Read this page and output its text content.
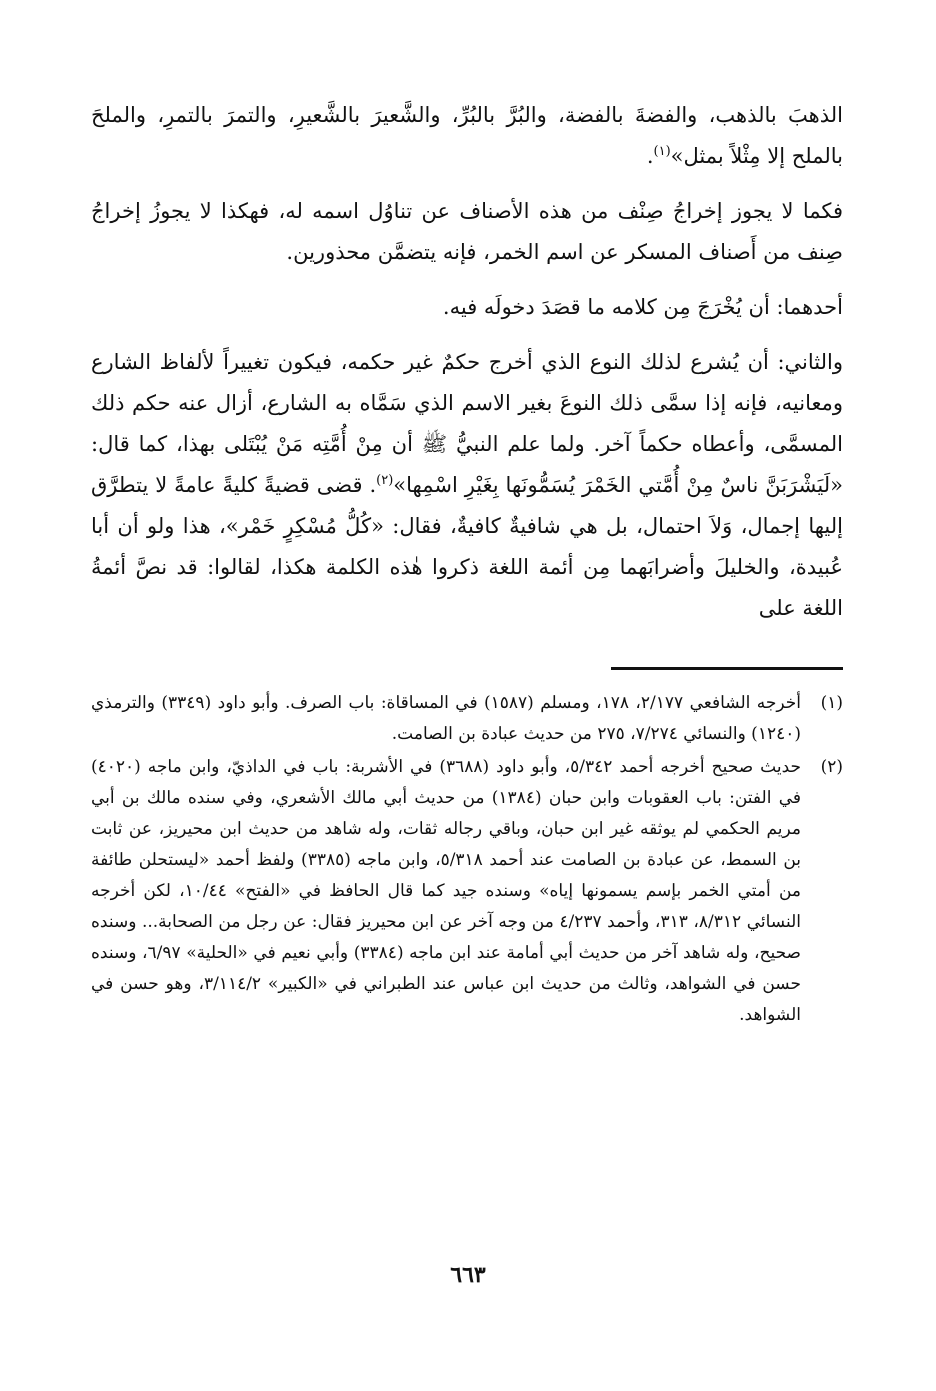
الذهبَ بالذهب، والفضةَ بالفضة، والبُرَّ بالبُرِّ، والشَّعيرَ بالشَّعيرِ، والتمرَ بالتمرِ، والملحَ بالملح إلا مِثْلاً بمثل»$^{(١)}$.

فكما لا يجوز إخراجُ صِنْف من هذه الأصناف عن تناوُل اسمه له، فهكذا لا يجوزُ إخراجُ صِنف من أَصناف المسكر عن اسم الخمر، فإنه يتضمَّن محذورين.

أحدهما: أن يُخْرَجَ مِن كلامه ما قصَدَ دخولَه فيه.

والثاني: أن يُشرع لذلك النوع الذي أخرج حكمٌ غير حكمه، فيكون تغييراً لألفاظ الشارع ومعانيه، فإنه إذا سمَّى ذلك النوعَ بغير الاسم الذي سَمَّاه به الشارع، أزال عنه حكم ذلك المسمَّى، وأعطاه حكماً آخر. ولما علم النبيُّ ﷺ أن مِنْ أُمَّتِه مَنْ يُبْتَلى بهذا، كما قال: «لَيَشْرَبَنَّ ناسٌ مِنْ أُمَّتي الخَمْرَ يُسَمُّونَها بِغَيْرِ اسْمِها»$^{(٢)}$. قضى قضيةً كليةً عامةً لا يتطرَّق إليها إجمال، وَلاَ احتمال، بل هي شافيةٌ كافيةٌ، فقال: «كُلُّ مُسْكِرٍ خَمْر»، هذا ولو أن أبا عُبيدة، والخليلَ وأضرابَهما مِن أئمة اللغة ذكروا هٰذه الكلمة هكذا، لقالوا: قد نصَّ أئمةُ اللغة على

(١)
أخرجه الشافعي ٢/١٧٧، ١٧٨، ومسلم (١٥٨٧) في المساقاة: باب الصرف. وأبو داود (٣٣٤٩) والترمذي (١٢٤٠) والنسائي ٧/٢٧٤، ٢٧٥ من حديث عبادة بن الصامت.
(٢)
حديث صحيح أخرجه أحمد ٥/٣٤٢، وأبو داود (٣٦٨٨) في الأشربة: باب في الداذيّ، وابن ماجه (٤٠٢٠) في الفتن: باب العقوبات وابن حبان (١٣٨٤) من حديث أبي مالك الأشعري، وفي سنده مالك بن أبي مريم الحكمي لم يوثقه غير ابن حبان، وباقي رجاله ثقات، وله شاهد من حديث ابن محيريز، عن ثابت بن السمط، عن عبادة بن الصامت عند أحمد ٥/٣١٨، وابن ماجه (٣٣٨٥) ولفظ أحمد «ليستحلن طائفة من أمتي الخمر بإسم يسمونها إياه» وسنده جيد كما قال الحافظ في «الفتح» ١٠/٤٤، لكن أخرجه النسائي ٨/٣١٢، ٣١٣، وأحمد ٤/٢٣٧ من وجه آخر عن ابن محيريز فقال: عن رجل من الصحابة... وسنده صحيح، وله شاهد آخر من حديث أبي أمامة عند ابن ماجه (٣٣٨٤) وأبي نعيم في «الحلية» ٦/٩٧، وسنده حسن في الشواهد، وثالث من حديث ابن عباس عند الطبراني في «الكبير» ٣/١١٤/٢، وهو حسن في الشواهد.
٦٦٣
